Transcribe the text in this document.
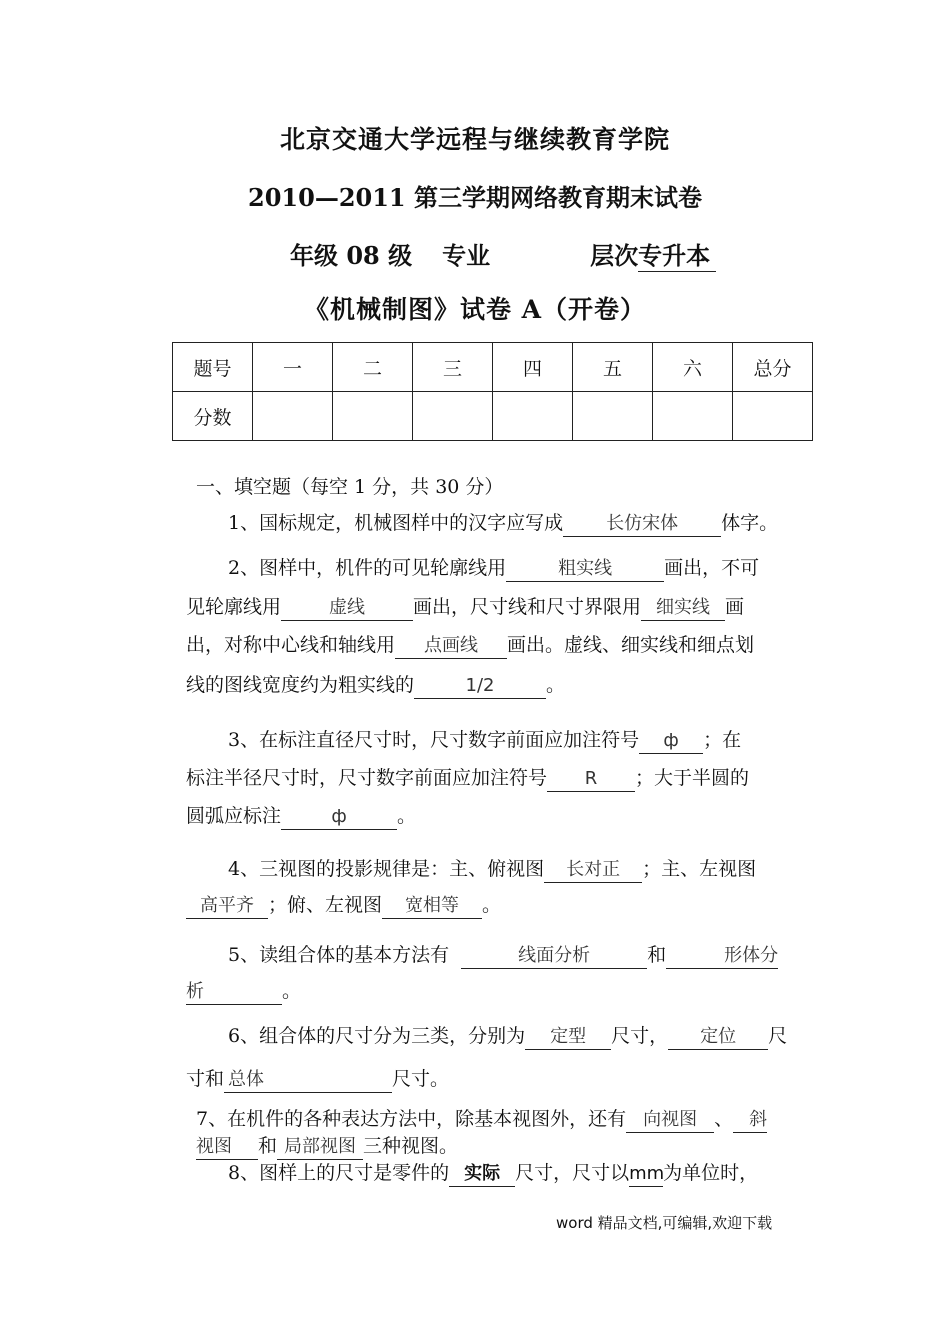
北京交通大学远程与继续教育学院
2010—2011 第三学期网络教育期末试卷
年级 08 级 专业	层次专升本
《机械制图》试卷 A（开卷）
题号	一	二	三	四	五	六	总分
分数							
一、填空题（每空 1 分，共 30 分）
1、国标规定，机械图样中的汉字应写成 长仿宋体 体字。
2、图样中，机件的可见轮廓线用	粗实线	画出，不可
见轮廓线用	虚线	画出，尺寸线和尺寸界限用 细实线 画
出，对称中心线和轴线用 点画线 画出。虚线、细实线和细点划
线的图线宽度约为粗实线的	1/2	。
3、在标注直径尺寸时，尺寸数字前面应加注符号 ф ；在
标注半径尺寸时，尺寸数字前面应加注符号 R ；大于半圆的
圆弧应标注	ф	。
4、三视图的投影规律是：主、俯视图 长对正 ；主、左视图
高平齐 ；俯、左视图 宽相等 。
5、读组合体的基本方法有	线面分析	和	形体分
析	。
6、组合体的尺寸分为三类，分别为 定型 尺寸， 定位 尺
寸和 总体	尺寸。
7、在机件的各种表达方法中，除基本视图外，还有 向视图 、 斜
视图 和 局部视图 三种视图。
8、图样上的尺寸是零件的 实际 尺寸，尺寸以mm为单位时，
word 精品文档,可编辑,欢迎下载
